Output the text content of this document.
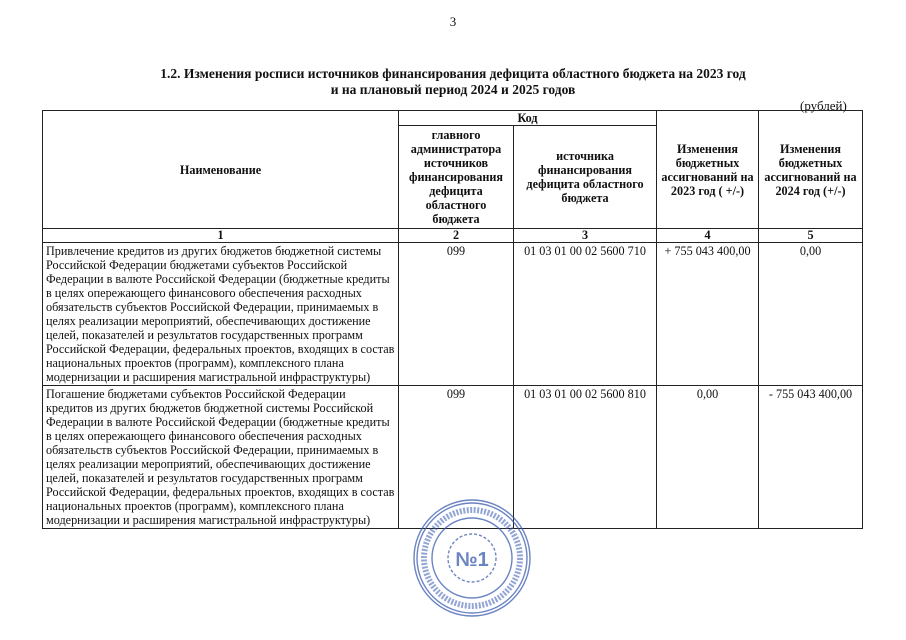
3
1.2. Изменения росписи источников финансирования дефицита областного бюджета на 2023 год
и на плановый период 2024 и 2025 годов
(рублей)
Наименование	Код		Изменения бюджетных ассигнований на 2023 год ( +/-)	Изменения бюджетных ассигнований на 2024 год (+/-)
	главного администратора источников финансирования дефицита областного бюджета	источника финансирования дефицита областного бюджета		
1	2	3	4	5
Привлечение кредитов из других бюджетов бюджетной системы Российской Федерации бюджетами субъектов Российской Федерации в валюте Российской Федерации (бюджетные кредиты в целях опережающего финансового обеспечения расходных обязательств субъектов Российской Федерации, принимаемых в целях реализации мероприятий, обеспечивающих достижение целей, показателей и результатов государственных программ Российской Федерации, федеральных проектов, входящих в состав национальных проектов (программ), комплексного плана модернизации и расширения магистральной инфраструктуры)	099	01 03 01 00 02 5600 710	+ 755 043 400,00	0,00
Погашение бюджетами субъектов Российской Федерации кредитов из других бюджетов бюджетной системы Российской Федерации в валюте Российской Федерации (бюджетные кредиты в целях опережающего финансового обеспечения расходных обязательств субъектов Российской Федерации, принимаемых в целях реализации мероприятий, обеспечивающих достижение целей, показателей и результатов государственных программ Российской Федерации, федеральных проектов, входящих в состав национальных проектов (программ), комплексного плана модернизации и расширения магистральной инфраструктуры)	099	01 03 01 00 02 5600 810	0,00	- 755 043 400,00
№1
